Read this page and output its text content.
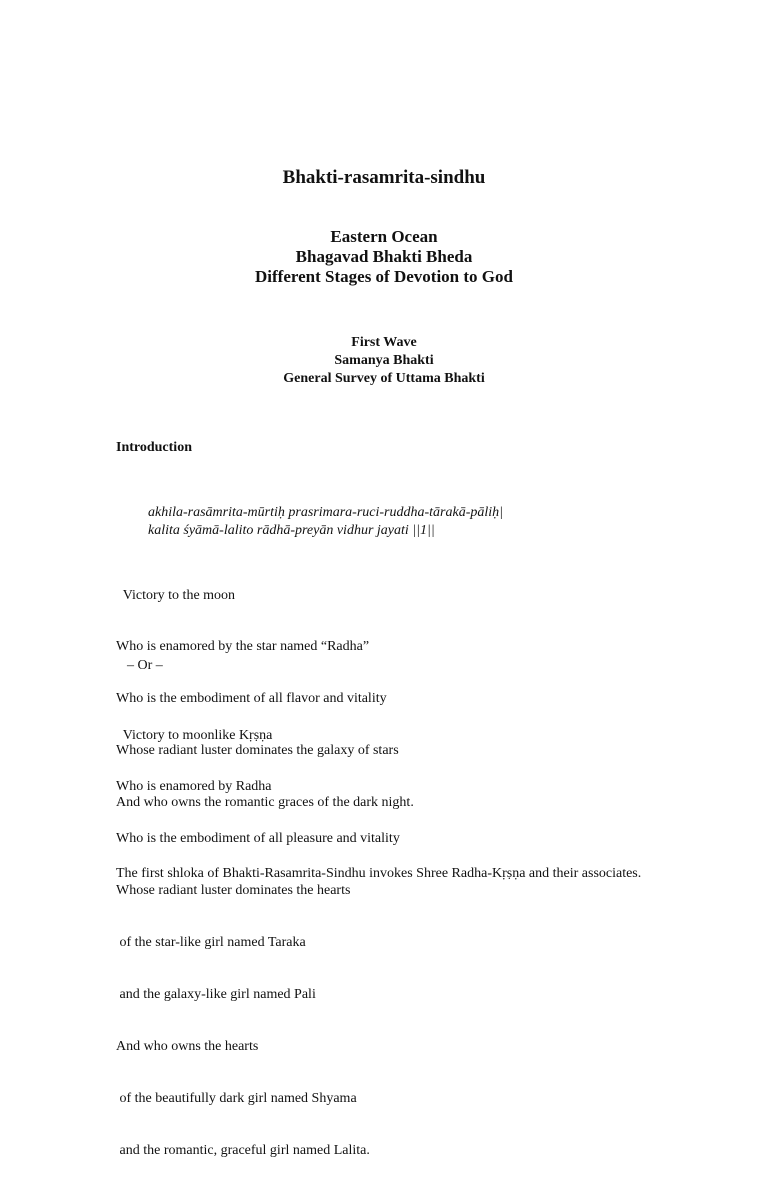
Bhakti-rasamrita-sindhu
Eastern Ocean
Bhagavad Bhakti Bheda
Different Stages of Devotion to God
First Wave
Samanya Bhakti
General Survey of Uttama Bhakti
Introduction
akhila-rasāmrita-mūrtiḥ prasrimara-ruci-ruddha-tārakā-pāliḥ|
kalita śyāmā-lalito rādhā-preyān vidhur jayati ||1||

Victory to the moon

Who is enamored by the star named “Radha”

Who is the embodiment of all flavor and vitality

Whose radiant luster dominates the galaxy of stars

And who owns the romantic graces of the dark night.

– Or –

Victory to moonlike Kṛṣṇa

Who is enamored by Radha

Who is the embodiment of all pleasure and vitality

Whose radiant luster dominates the hearts

of the star-like girl named Taraka

and the galaxy-like girl named Pali

And who owns the hearts

of the beautifully dark girl named Shyama

and the romantic, graceful girl named Lalita.

The first shloka of Bhakti-Rasamrita-Sindhu invokes Shree Radha-Kṛṣṇa and their associates.
